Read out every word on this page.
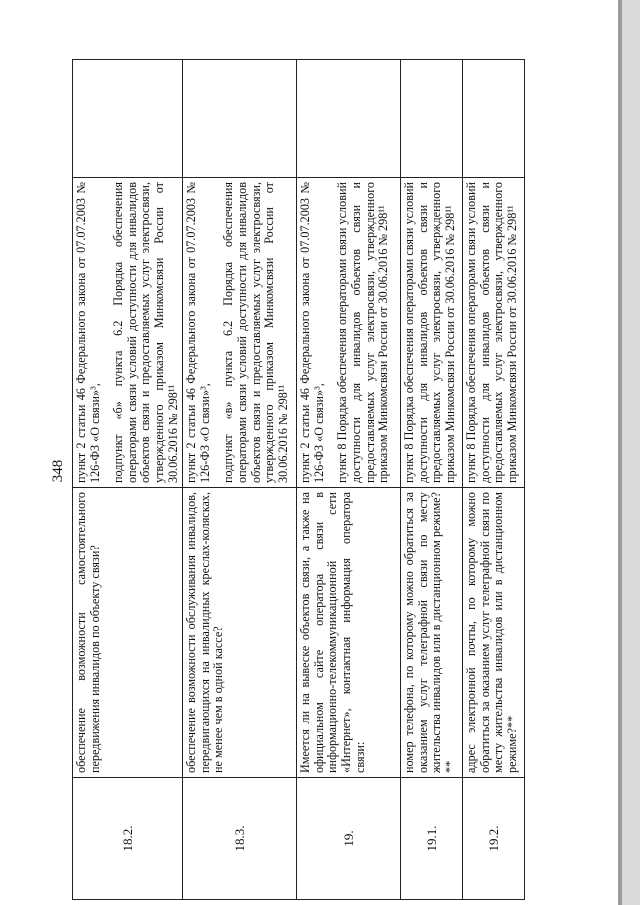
348
18.2.	обеспечение возможности самостоятельного передвижения инвалидов по объекту связи?	пункт 2 статьи 46 Федерального закона от 07.07.2003 № 126-ФЗ «О связи»³, подпункт «б» пункта 6.2 Порядка обеспечения операторами связи условий доступности для инвалидов объектов связи и предоставляемых услуг электросвязи, утвержденного приказом Минкомсвязи России от 30.06.2016 № 298¹¹	

18.3.	обеспечение возможности обслуживания инвалидов, передвигающихся на инвалидных креслах-колясках, не менее чем в одной кассе?	пункт 2 статьи 46 Федерального закона от 07.07.2003 № 126-ФЗ «О связи»³, подпункт «в» пункта 6.2 Порядка обеспечения операторами связи условий доступности для инвалидов объектов связи и предоставляемых услуг электросвязи, утвержденного приказом Минкомсвязи России от 30.06.2016 № 298¹¹	

19.	Имеется ли на вывеске объектов связи, а также на официальном сайте оператора связи в информационно-телекоммуникационной сети «Интернет», контактная информация оператора связи:	пункт 2 статьи 46 Федерального закона от 07.07.2003 № 126-ФЗ «О связи»³, пункт 8 Порядка обеспечения операторами связи условий доступности для инвалидов объектов связи и предоставляемых услуг электросвязи, утвержденного приказом Минкомсвязи России от 30.06.2016 № 298¹¹	

19.1.	номер телефона, по которому можно обратиться за оказанием услуг телеграфной связи по месту жительства инвалидов или в дистанционном режиме?**	пункт 8 Порядка обеспечения операторами связи условий доступности для инвалидов объектов связи и предоставляемых услуг электросвязи, утвержденного приказом Минкомсвязи России от 30.06.2016 № 298¹¹	

19.2.	адрес электронной почты, по которому можно обратиться за оказанием услуг телеграфной связи по месту жительства инвалидов или в дистанционном режиме?**	пункт 8 Порядка обеспечения операторами связи условий доступности для инвалидов объектов связи и предоставляемых услуг электросвязи, утвержденного приказом Минкомсвязи России от 30.06.2016 № 298¹¹	
